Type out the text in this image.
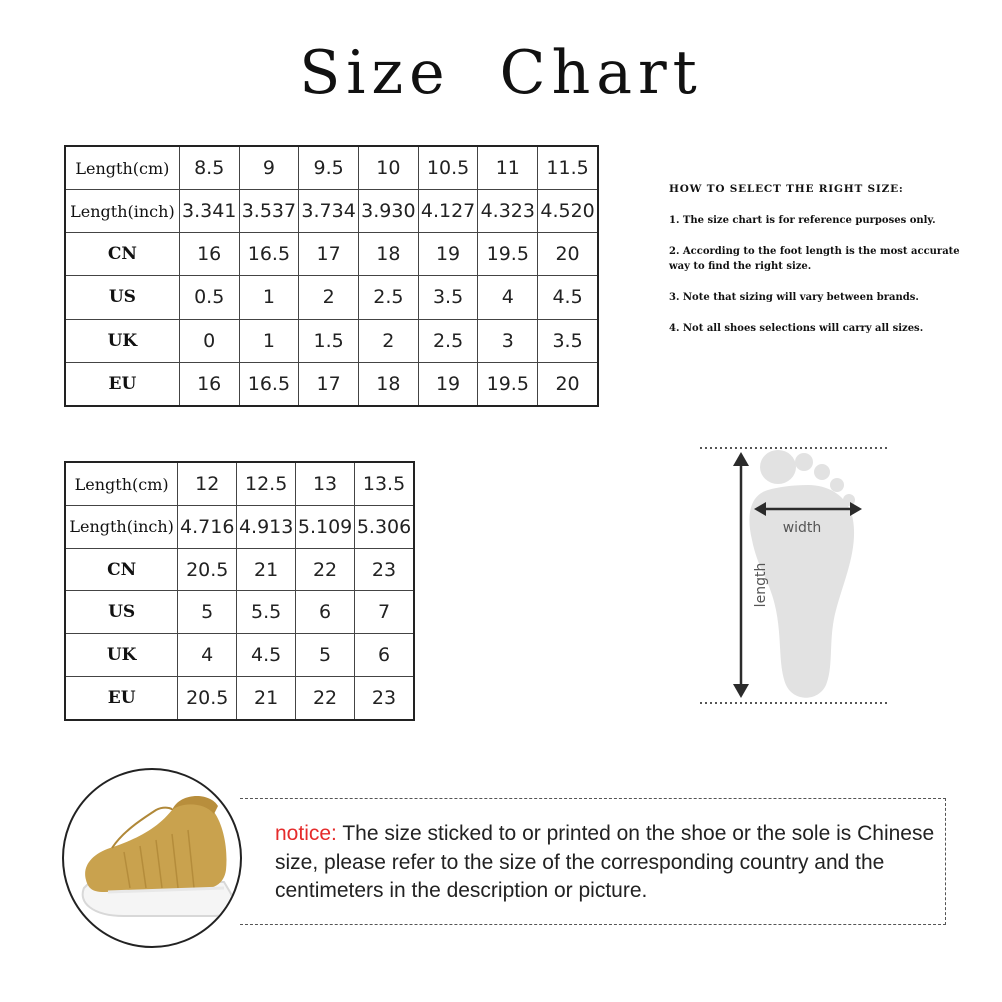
Size Chart
Length(cm)	8.5	9	9.5	10	10.5	11	11.5
Length(inch)	3.341	3.537	3.734	3.930	4.127	4.323	4.520
CN	16	16.5	17	18	19	19.5	20
US	0.5	1	2	2.5	3.5	4	4.5
UK	0	1	1.5	2	2.5	3	3.5
EU	16	16.5	17	18	19	19.5	20
Length(cm)	12	12.5	13	13.5
Length(inch)	4.716	4.913	5.109	5.306
CN	20.5	21	22	23
US	5	5.5	6	7
UK	4	4.5	5	6
EU	20.5	21	22	23
HOW TO SELECT THE RIGHT SIZE:
1. The size chart is for reference purposes only.
2. According to the foot length is the most accurate way to find the right size.
3. Note that sizing will vary between brands.
4. Not all shoes selections will carry all sizes.
width
length
notice: The size sticked to or printed on the shoe or the sole is Chinese size, please refer to the size of the corresponding country and the centimeters in the description or picture.
